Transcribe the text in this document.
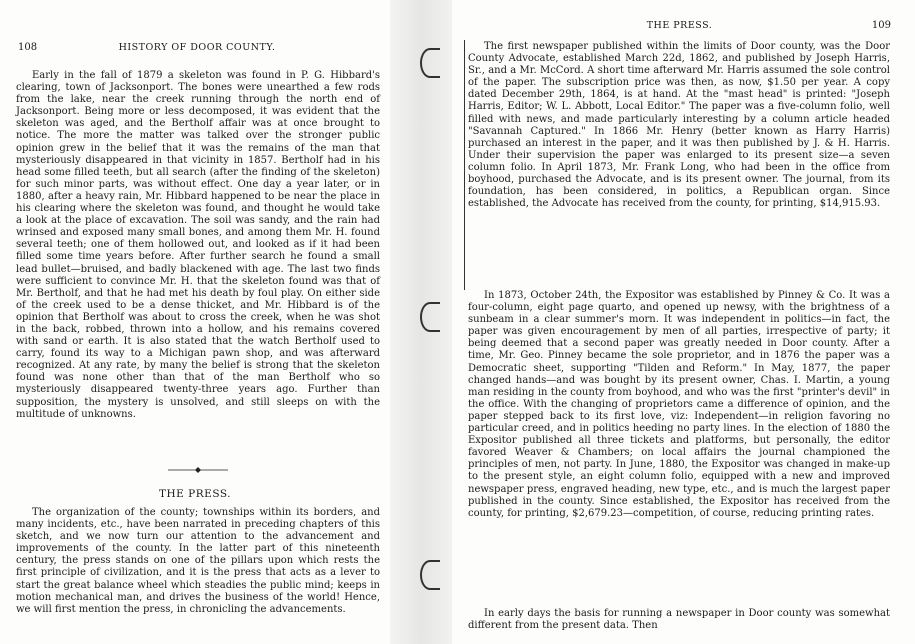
108	HISTORY OF DOOR COUNTY.

Early in the fall of 1879 a skeleton was found in P. G. Hibbard's clearing, town of Jacksonport. The bones were unearthed a few rods from the lake, near the creek running through the north end of Jacksonport. Being more or less decomposed, it was evident that the skeleton was aged, and the Bertholf affair was at once brought to notice. The more the matter was talked over the stronger public opinion grew in the belief that it was the remains of the man that mysteriously disappeared in that vicinity in 1857. Bertholf had in his head some filled teeth, but all search (after the finding of the skeleton) for such minor parts, was without effect. One day a year later, or in 1880, after a heavy rain, Mr. Hibbard happened to be near the place in his clearing where the skeleton was found, and thought he would take a look at the place of excavation. The soil was sandy, and the rain had wrinsed and exposed many small bones, and among them Mr. H. found several teeth; one of them hollowed out, and looked as if it had been filled some time years before. After further search he found a small lead bullet—bruised, and badly blackened with age. The last two finds were sufficient to convince Mr. H. that the skeleton found was that of Mr. Bertholf, and that he had met his death by foul play. On either side of the creek used to be a dense thicket, and Mr. Hibbard is of the opinion that Bertholf was about to cross the creek, when he was shot in the back, robbed, thrown into a hollow, and his remains covered with sand or earth. It is also stated that the watch Bertholf used to carry, found its way to a Michigan pawn shop, and was afterward recognized. At any rate, by many the belief is strong that the skeleton found was none other than that of the man Bertholf who so mysteriously disappeared twenty-three years ago. Further than supposition, the mystery is unsolved, and still sleeps on with the multitude of unknowns.

THE PRESS.

The organization of the county; townships within its borders, and many incidents, etc., have been narrated in preceding chapters of this sketch, and we now turn our attention to the advancement and improvements of the county. In the latter part of this nineteenth century, the press stands on one of the pillars upon which rests the first principle of civilization, and it is the press that acts as a lever to start the great balance wheel which steadies the public mind; keeps in motion mechanical man, and drives the business of the world! Hence, we will first mention the press, in chronicling the advancements.

THE PRESS.	109

The first newspaper published within the limits of Door county, was the Door County Advocate, established March 22d, 1862, and published by Joseph Harris, Sr., and a Mr. McCord. A short time afterward Mr. Harris assumed the sole control of the paper. The subscription price was then, as now, $1.50 per year. A copy dated December 29th, 1864, is at hand. At the "mast head" is printed: "Joseph Harris, Editor; W. L. Abbott, Local Editor." The paper was a five-column folio, well filled with news, and made particularly interesting by a column article headed "Savannah Captured." In 1866 Mr. Henry (better known as Harry Harris) purchased an interest in the paper, and it was then published by J. & H. Harris. Under their supervision the paper was enlarged to its present size—a seven column folio. In April 1873, Mr. Frank Long, who had been in the office from boyhood, purchased the Advocate, and is its present owner. The journal, from its foundation, has been considered, in politics, a Republican organ. Since established, the Advocate has received from the county, for printing, $14,915.93.

In 1873, October 24th, the Expositor was established by Pinney & Co. It was a four-column, eight page quarto, and opened up newsy, with the brightness of a sunbeam in a clear summer's morn. It was independent in politics—in fact, the paper was given encouragement by men of all parties, irrespective of party; it being deemed that a second paper was greatly needed in Door county. After a time, Mr. Geo. Pinney became the sole proprietor, and in 1876 the paper was a Democratic sheet, supporting "Tilden and Reform." In May, 1877, the paper changed hands—and was bought by its present owner, Chas. I. Martin, a young man residing in the county from boyhood, and who was the first "printer's devil" in the office. With the changing of proprietors came a difference of opinion, and the paper stepped back to its first love, viz: Independent—in religion favoring no particular creed, and in politics heeding no party lines. In the election of 1880 the Expositor published all three tickets and platforms, but personally, the editor favored Weaver & Chambers; on local affairs the journal championed the principles of men, not party. In June, 1880, the Expositor was changed in make-up to the present style, an eight column folio, equipped with a new and improved newspaper press, engraved heading, new type, etc., and is much the largest paper published in the county. Since established, the Expositor has received from the county, for printing, $2,679.23—competition, of course, reducing printing rates.

In early days the basis for running a newspaper in Door county was somewhat different from the present data. Then
